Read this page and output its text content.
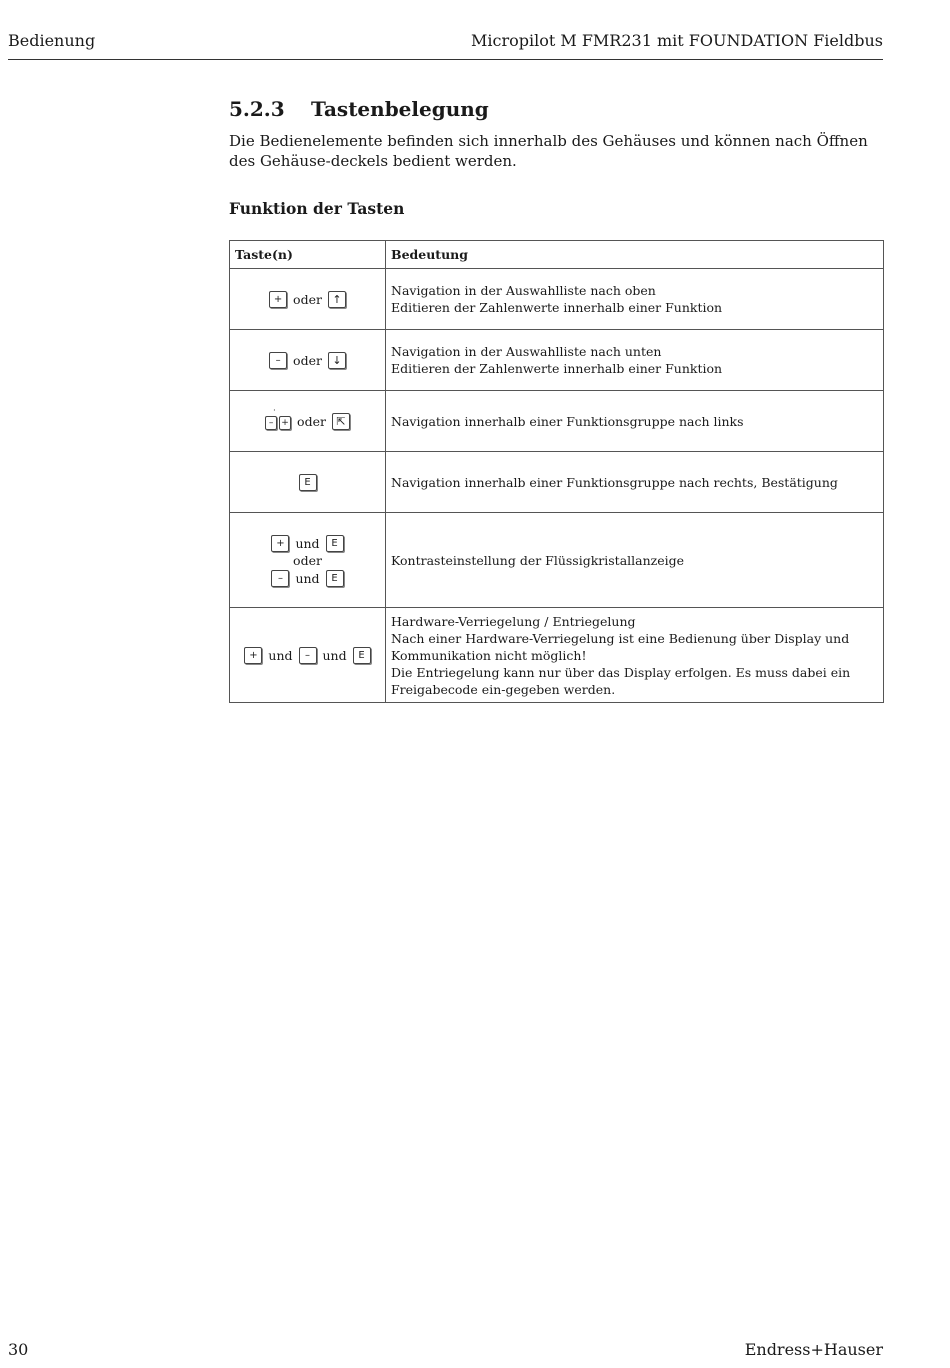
Bedienung	Micropilot M FMR231 mit FOUNDATION Fieldbus
5.2.3 Tastenbelegung
Die Bedienelemente befinden sich innerhalb des Gehäuses und können nach Öffnen des Gehäuse-deckels bedient werden.
Funktion der Tasten
Taste(n)	Bedeutung
+ oder ↑	Navigation in der Auswahlliste nach oben
Editieren der Zahlenwerte innerhalb einer Funktion

– oder ↓	Navigation in der Auswahlliste nach unten
Editieren der Zahlenwerte innerhalb einer Funktion

·
– + oder ⇱	Navigation innerhalb einer Funktionsgruppe nach links

E	Navigation innerhalb einer Funktionsgruppe nach rechts, Bestätigung

+ und E
oder
– und E	Kontrasteinstellung der Flüssigkristallanzeige

+ und – und E	Hardware-Verriegelung / Entriegelung
Nach einer Hardware-Verriegelung ist eine Bedienung über Display und Kommunikation nicht möglich!
Die Entriegelung kann nur über das Display erfolgen. Es muss dabei ein Freigabecode ein-gegeben werden.
30	Endress+Hauser
